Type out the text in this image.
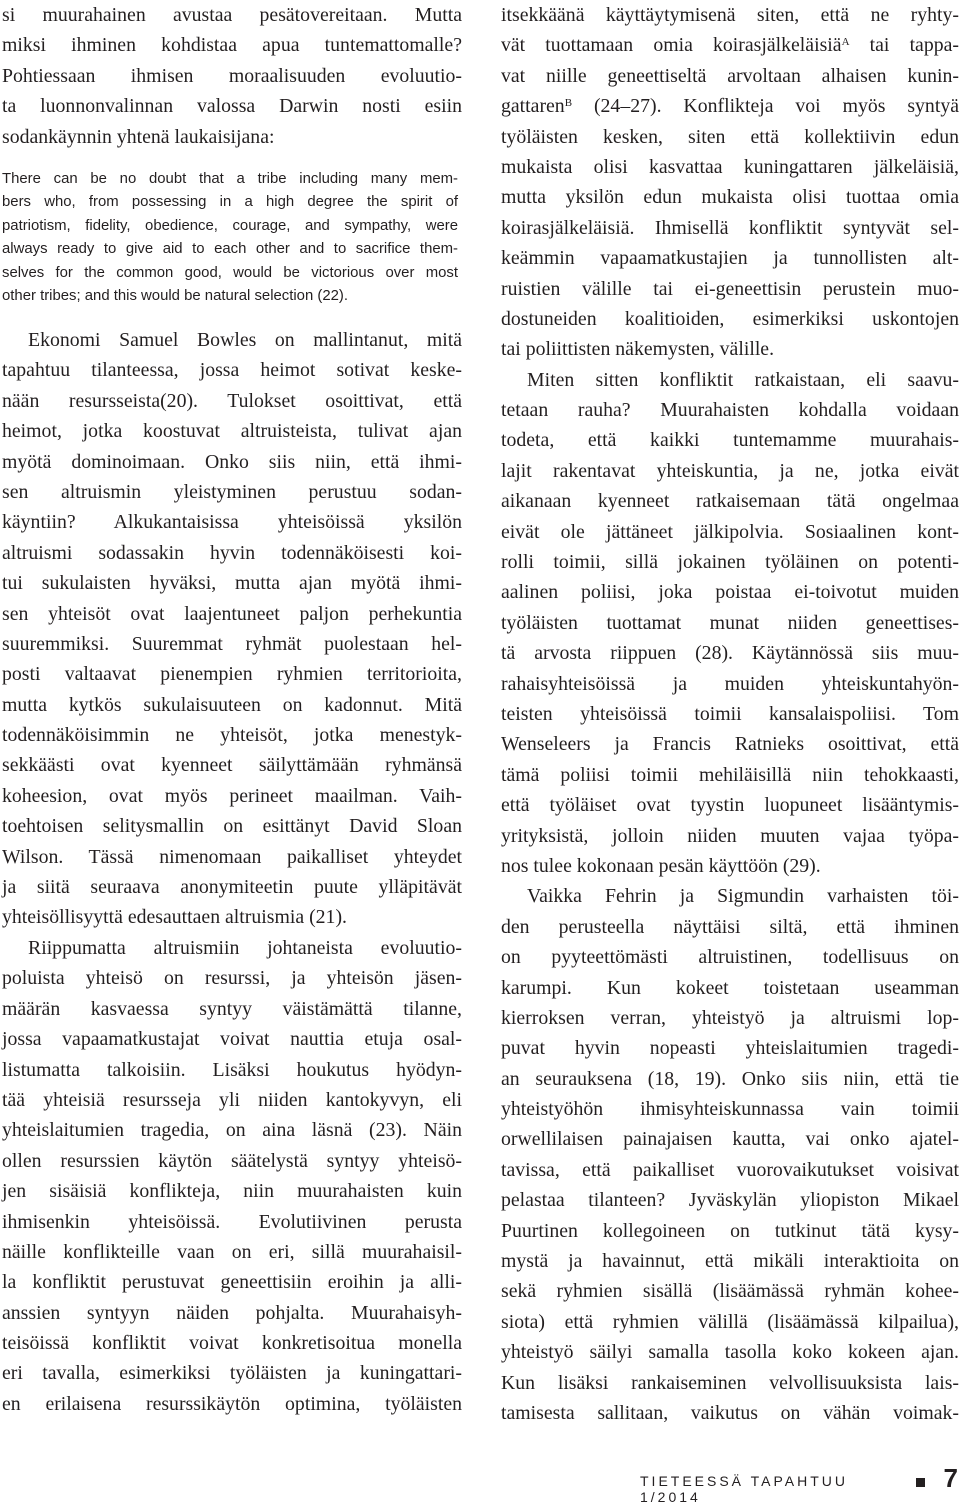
si muurahainen avustaa pesätovereitaan. Mutta
miksi ihminen kohdistaa apua tuntemattomalle?
Pohtiessaan ihmisen moraalisuuden evoluutio-
ta luonnonvalinnan valossa Darwin nosti esiin
sodankäynnin yhtenä laukaisijana:
There can be no doubt that a tribe including many mem-
bers who, from possessing in a high degree the spirit of
patriotism, fidelity, obedience, courage, and sympathy, were
always ready to give aid to each other and to sacrifice them-
selves for the common good, would be victorious over most
other tribes; and this would be natural selection (22).
Ekonomi Samuel Bowles on mallintanut, mitä
tapahtuu tilanteessa, jossa heimot sotivat keske-
nään resursseista(20). Tulokset osoittivat, että
heimot, jotka koostuvat altruisteista, tulivat ajan
myötä dominoimaan. Onko siis niin, että ihmi-
sen altruismin yleistyminen perustuu sodan-
käyntiin? Alkukantaisissa yhteisöissä yksilön
altruismi sodassakin hyvin todennäköisesti koi-
tui sukulaisten hyväksi, mutta ajan myötä ihmi-
sen yhteisöt ovat laajentuneet paljon perhekuntia
suuremmiksi. Suuremmat ryhmät puolestaan hel-
posti valtaavat pienempien ryhmien territorioita,
mutta kytkös sukulaisuuteen on kadonnut. Mitä
todennäköisimmin ne yhteisöt, jotka menestyk-
sekkäästi ovat kyenneet säilyttämään ryhmänsä
koheesion, ovat myös perineet maailman. Vaih-
toehtoisen selitysmallin on esittänyt David Sloan
Wilson. Tässä nimenomaan paikalliset yhteydet
ja siitä seuraava anonymiteetin puute ylläpitävät
yhteisöllisyyttä edesauttaen altruismia (21).
Riippumatta altruismiin johtaneista evoluutio-
poluista yhteisö on resurssi, ja yhteisön jäsen-
määrän kasvaessa syntyy väistämättä tilanne,
jossa vapaamatkustajat voivat nauttia etuja osal-
listumatta talkoisiin. Lisäksi houkutus hyödyn-
tää yhteisiä resursseja yli niiden kantokyvyn, eli
yhteislaitumien tragedia, on aina läsnä (23). Näin
ollen resurssien käytön säätelystä syntyy yhteisö-
jen sisäisiä konflikteja, niin muurahaisten kuin
ihmisenkin yhteisöissä. Evolutiivinen perusta
näille konflikteille vaan on eri, sillä muurahaisil-
la konfliktit perustuvat geneettisiin eroihin ja alli-
anssien syntyyn näiden pohjalta. Muurahaisyh-
teisöissä konfliktit voivat konkretisoitua monella
eri tavalla, esimerkiksi työläisten ja kuningattari-
en erilaisena resurssikäytön optimina, työläisten
itsekkäänä käyttäytymisenä siten, että ne ryhty-
vät tuottamaan omia koirasjälkeläisiä$^A$ tai tappa-
vat niille geneettiseltä arvoltaan alhaisen kunin-
gattaren$^B$ (24–27). Konflikteja voi myös syntyä
työläisten kesken, siten että kollektiivin edun
mukaista olisi kasvattaa kuningattaren jälkeläisiä,
mutta yksilön edun mukaista olisi tuottaa omia
koirasjälkeläisiä. Ihmisellä konfliktit syntyvät sel-
keämmin vapaamatkustajien ja tunnollisten alt-
ruistien välille tai ei-geneettisin perustein muo-
dostuneiden koalitioiden, esimerkiksi uskontojen
tai poliittisten näkemysten, välille.
Miten sitten konfliktit ratkaistaan, eli saavu-
tetaan rauha? Muurahaisten kohdalla voidaan
todeta, että kaikki tuntemamme muurahais-
lajit rakentavat yhteiskuntia, ja ne, jotka eivät
aikanaan kyenneet ratkaisemaan tätä ongelmaa
eivät ole jättäneet jälkipolvia. Sosiaalinen kont-
rolli toimii, sillä jokainen työläinen on potenti-
aalinen poliisi, joka poistaa ei-toivotut muiden
työläisten tuottamat munat niiden geneettises-
tä arvosta riippuen (28). Käytännössä siis muu-
rahaisyhteisöissä ja muiden yhteiskuntahyön-
teisten yhteisöissä toimii kansalaispoliisi. Tom
Wenseleers ja Francis Ratnieks osoittivat, että
tämä poliisi toimii mehiläisillä niin tehokkaasti,
että työläiset ovat tyystin luopuneet lisääntymis-
yrityksistä, jolloin niiden muuten vajaa työpa-
nos tulee kokonaan pesän käyttöön (29).
Vaikka Fehrin ja Sigmundin varhaisten töi-
den perusteella näyttäisi siltä, että ihminen
on pyyteettömästi altruistinen, todellisuus on
karumpi. Kun kokeet toistetaan useamman
kierroksen verran, yhteistyö ja altruismi lop-
puvat hyvin nopeasti yhteislaitumien tragedi-
an seurauksena (18, 19). Onko siis niin, että tie
yhteistyöhön ihmisyhteiskunnassa vain toimii
orwellilaisen painajaisen kautta, vai onko ajatel-
tavissa, että paikalliset vuorovaikutukset voisivat
pelastaa tilanteen? Jyväskylän yliopiston Mikael
Puurtinen kollegoineen on tutkinut tätä kysy-
mystä ja havainnut, että mikäli interaktioita on
sekä ryhmien sisällä (lisäämässä ryhmän kohee-
siota) että ryhmien välillä (lisäämässä kilpailua),
yhteistyö säilyi samalla tasolla koko kokeen ajan.
Kun lisäksi rankaiseminen velvollisuuksista lais-
tamisesta sallitaan, vaikutus on vähän voimak-
TIETEESSÄ TAPAHTUU 1/2014
7
